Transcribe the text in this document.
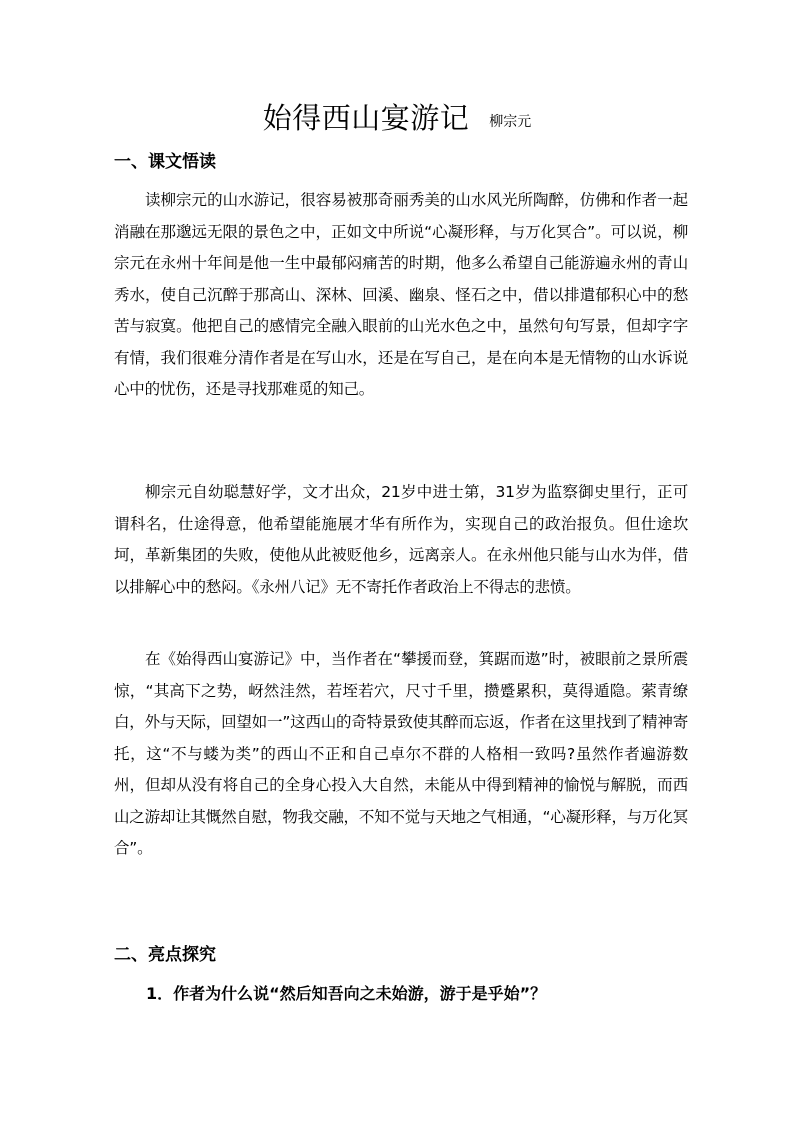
始得西山宴游记 柳宗元
一、课文悟读

读柳宗元的山水游记，很容易被那奇丽秀美的山水风光所陶醉，仿佛和作者一起消融在那邈远无限的景色之中，正如文中所说“心凝形释，与万化冥合”。可以说，柳宗元在永州十年间是他一生中最郁闷痛苦的时期，他多么希望自己能游遍永州的青山秀水，使自己沉醉于那高山、深林、回溪、幽泉、怪石之中，借以排遣郁积心中的愁苦与寂寞。他把自己的感情完全融入眼前的山光水色之中，虽然句句写景，但却字字有情，我们很难分清作者是在写山水，还是在写自己，是在向本是无情物的山水诉说心中的忧伤，还是寻找那难觅的知己。

柳宗元自幼聪慧好学，文才出众，21岁中进士第，31岁为监察御史里行，正可谓科名，仕途得意，他希望能施展才华有所作为，实现自己的政治报负。但仕途坎坷，革新集团的失败，使他从此被贬他乡，远离亲人。在永州他只能与山水为伴，借以排解心中的愁闷。《永州八记》无不寄托作者政治上不得志的悲愤。

在《始得西山宴游记》中，当作者在“攀援而登，箕踞而遨”时，被眼前之景所震惊，“其高下之势，岈然洼然，若垤若穴，尺寸千里，攒蹙累积，莫得遁隐。萦青缭白，外与天际，回望如一”这西山的奇特景致使其醉而忘返，作者在这里找到了精神寄托，这“不与蝼为类”的西山不正和自己卓尔不群的人格相一致吗?虽然作者遍游数州，但却从没有将自己的全身心投入大自然，未能从中得到精神的愉悦与解脱，而西山之游却让其慨然自慰，物我交融，不知不觉与天地之气相通，“心凝形释，与万化冥合”。

二、亮点探究
1．作者为什么说“然后知吾向之未始游，游于是乎始”？
